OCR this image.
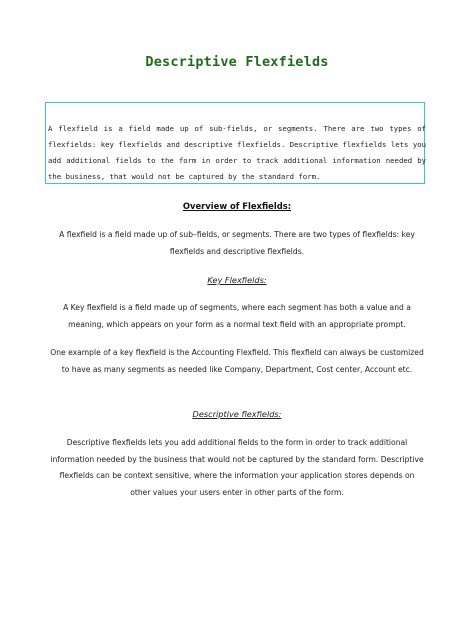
Descriptive Flexfields
A flexfield is a field made up of sub-fields, or segments. There are two types of flexfields: key flexfields and descriptive flexfields. Descriptive flexfields lets you add additional fields to the form in order to track additional information needed by the business, that would not be captured by the standard form.
Overview of Flexfields:
A flexfield is a field made up of sub–fields, or segments. There are two types of flexfields: key flexfields and descriptive flexfields.
Key Flexfields:
A Key flexfield is a field made up of segments, where each segment has both a value and a meaning, which appears on your form as a normal text field with an appropriate prompt.
One example of a key flexfield is the Accounting Flexfield. This flexfield can always be customized to have as many segments as needed like Company, Department, Cost center, Account etc.
Descriptive flexfields:
Descriptive flexfields lets you add additional fields to the form in order to track additional information needed by the business that would not be captured by the standard form. Descriptive flexfields can be context sensitive, where the information your application stores depends on other values your users enter in other parts of the form.
